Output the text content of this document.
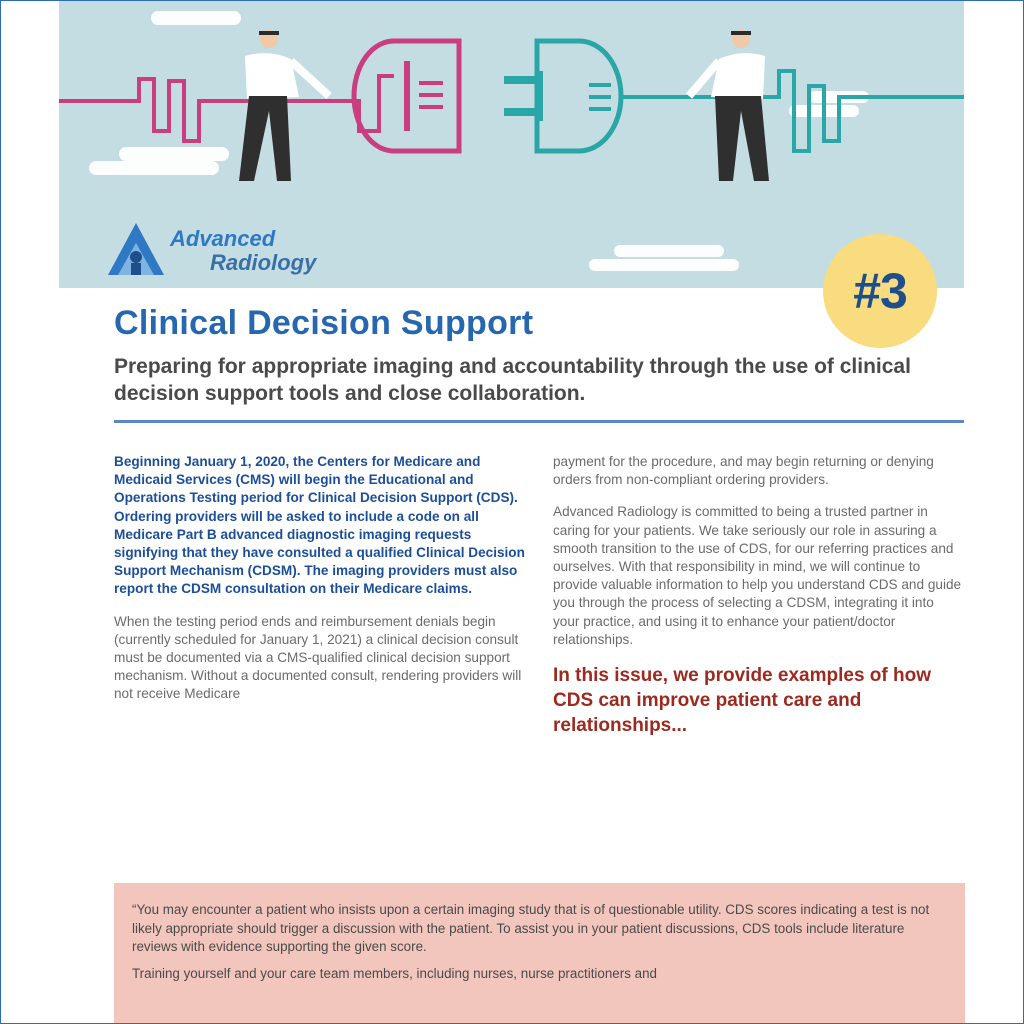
Advanced
Radiology
#3
Clinical Decision Support
Preparing for appropriate imaging and accountability through the use of clinical decision support tools and close collaboration.

Beginning January 1, 2020, the Centers for Medicare and Medicaid Services (CMS) will begin the Educational and Operations Testing period for Clinical Decision Support (CDS). Ordering providers will be asked to include a code on all Medicare Part B advanced diagnostic imaging requests signifying that they have consulted a qualified Clinical Decision Support Mechanism (CDSM). The imaging providers must also report the CDSM consultation on their Medicare claims.

When the testing period ends and reimbursement denials begin (currently scheduled for January 1, 2021) a clinical decision consult must be documented via a CMS-qualified clinical decision support mechanism. Without a documented consult, rendering providers will not receive Medicare

payment for the procedure, and may begin returning or denying orders from non-compliant ordering providers.

Advanced Radiology is committed to being a trusted partner in caring for your patients. We take seriously our role in assuring a smooth transition to the use of CDS, for our referring practices and ourselves. With that responsibility in mind, we will continue to provide valuable information to help you understand CDS and guide you through the process of selecting a CDSM, integrating it into your practice, and using it to enhance your patient/doctor relationships.

In this issue, we provide examples of how CDS can improve patient care and relationships...

“You may encounter a patient who insists upon a certain imaging study that is of questionable utility. CDS scores indicating a test is not likely appropriate should trigger a discussion with the patient. To assist you in your patient discussions, CDS tools include literature reviews with evidence supporting the given score.

Training yourself and your care team members, including nurses, nurse practitioners and
